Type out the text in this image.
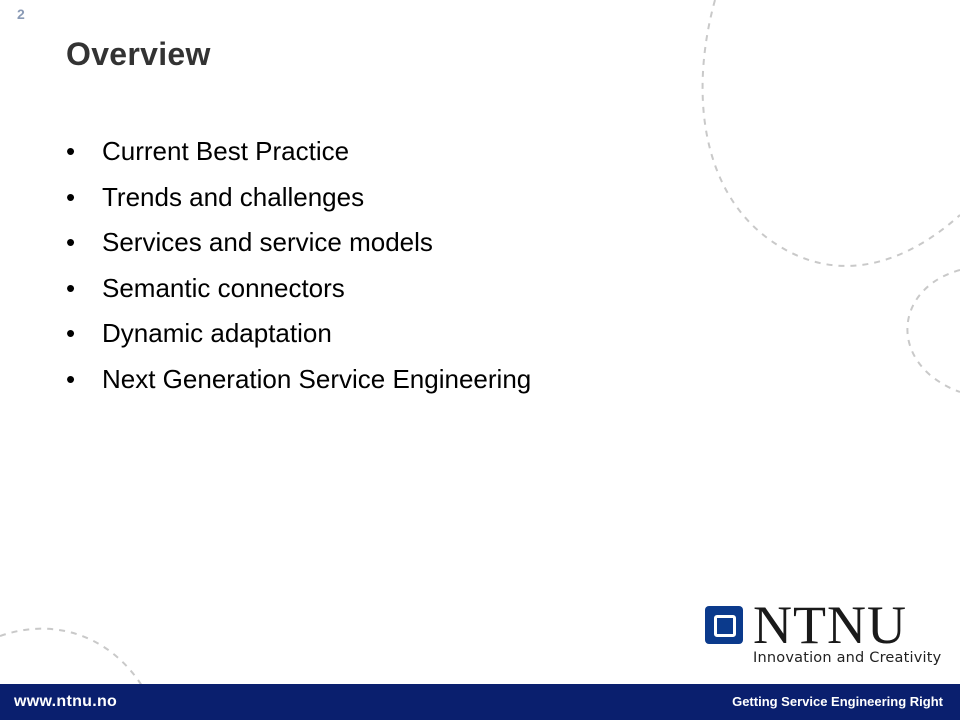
2
Overview
• Current Best Practice
• Trends and challenges
• Services and service models
• Semantic connectors
• Dynamic adaptation
• Next Generation Service Engineering
NTNU
Innovation and Creativity
www.ntnu.no	Getting Service Engineering Right
